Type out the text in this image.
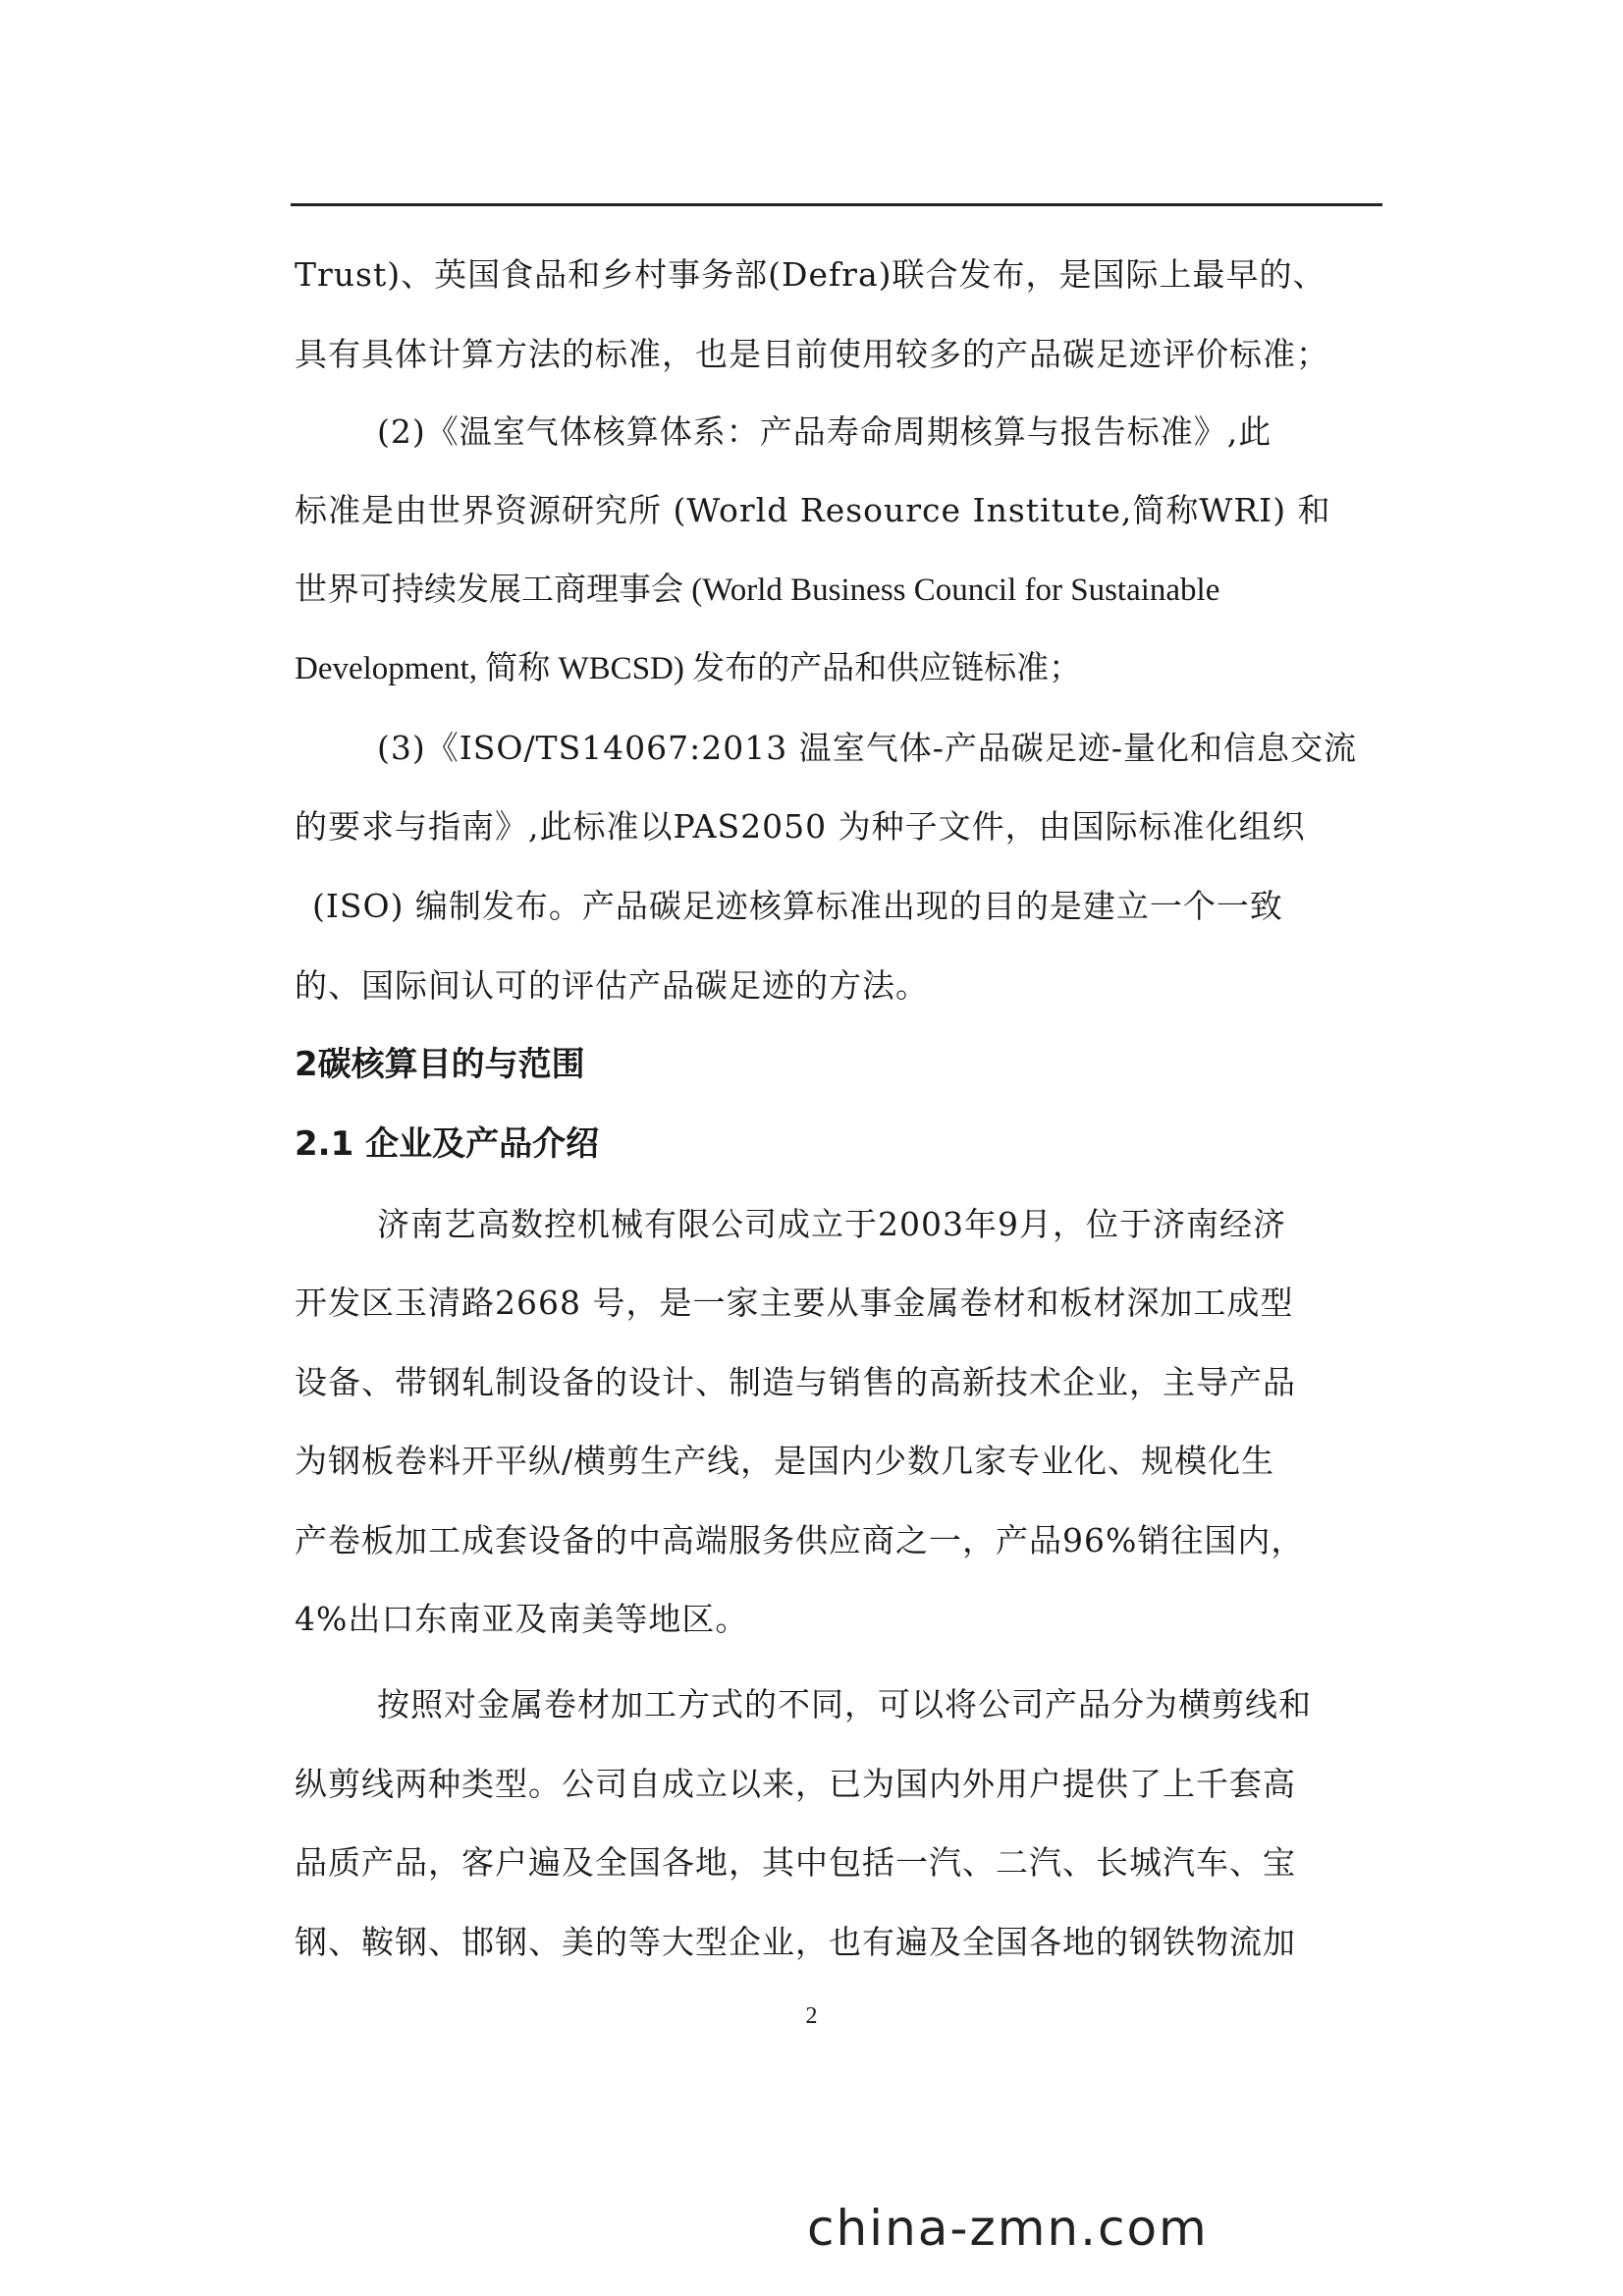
Trust)、英国食品和乡村事务部(Defra)联合发布，是国际上最早的、
具有具体计算方法的标准，也是目前使用较多的产品碳足迹评价标准；
(2)《温室气体核算体系：产品寿命周期核算与报告标准》,此
标准是由世界资源研究所 (World Resource Institute,简称WRI) 和
世界可持续发展工商理事会 (World Business Council for Sustainable
Development, 简称 WBCSD) 发布的产品和供应链标准；
(3)《ISO/TS14067:2013 温室气体-产品碳足迹-量化和信息交流
的要求与指南》,此标准以PAS2050 为种子文件，由国际标准化组织
(ISO) 编制发布。产品碳足迹核算标准出现的目的是建立一个一致
的、国际间认可的评估产品碳足迹的方法。
2碳核算目的与范围
2.1 企业及产品介绍
济南艺高数控机械有限公司成立于2003年9月，位于济南经济
开发区玉清路2668 号，是一家主要从事金属卷材和板材深加工成型
设备、带钢轧制设备的设计、制造与销售的高新技术企业，主导产品
为钢板卷料开平纵/横剪生产线，是国内少数几家专业化、规模化生
产卷板加工成套设备的中高端服务供应商之一，产品96%销往国内，
4%出口东南亚及南美等地区。
按照对金属卷材加工方式的不同，可以将公司产品分为横剪线和
纵剪线两种类型。公司自成立以来，已为国内外用户提供了上千套高
品质产品，客户遍及全国各地，其中包括一汽、二汽、长城汽车、宝
钢、鞍钢、邯钢、美的等大型企业，也有遍及全国各地的钢铁物流加
2
china-zmn.com
